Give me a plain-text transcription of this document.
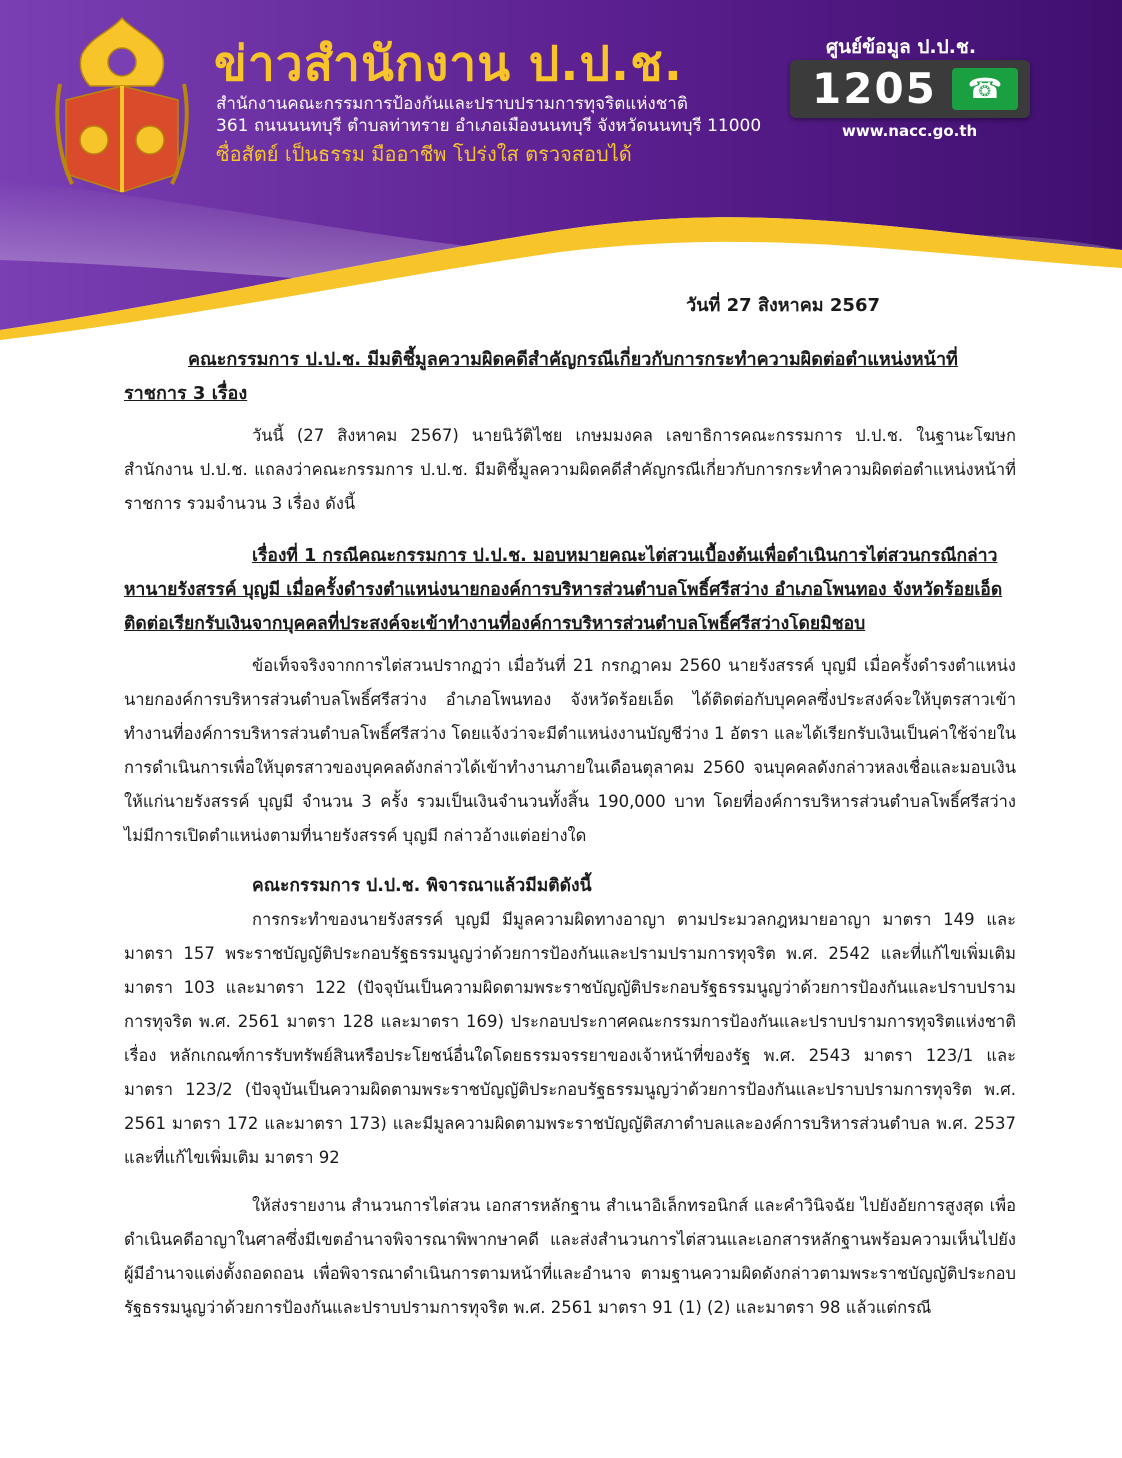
ข่าวสำนักงาน ป.ป.ช.
สำนักงานคณะกรรมการป้องกันและปราบปรามการทุจริตแห่งชาติ
361 ถนนนนทบุรี ตำบลท่าทราย อำเภอเมืองนนทบุรี จังหวัดนนทบุรี 11000
ซื่อสัตย์ เป็นธรรม มืออาชีพ โปร่งใส ตรวจสอบได้
ศูนย์ข้อมูล ป.ป.ช.
1205	☎
www.nacc.go.th
วันที่ 27 สิงหาคม 2567
คณะกรรมการ ป.ป.ช. มีมติชี้มูลความผิดคดีสำคัญกรณีเกี่ยวกับการกระทำความผิดต่อตำแหน่งหน้าที่ราชการ 3 เรื่อง

วันนี้ (27 สิงหาคม 2567) นายนิวัติไชย เกษมมงคล เลขาธิการคณะกรรมการ ป.ป.ช. ในฐานะโฆษกสำนักงาน ป.ป.ช. แถลงว่าคณะกรรมการ ป.ป.ช. มีมติชี้มูลความผิดคดีสำคัญกรณีเกี่ยวกับการกระทำความผิดต่อตำแหน่งหน้าที่ราชการ รวมจำนวน 3 เรื่อง ดังนี้

เรื่องที่ 1 กรณีคณะกรรมการ ป.ป.ช. มอบหมายคณะไต่สวนเบื้องต้นเพื่อดำเนินการไต่สวนกรณีกล่าวหานายรังสรรค์ บุญมี เมื่อครั้งดำรงตำแหน่งนายกองค์การบริหารส่วนตำบลโพธิ์ศรีสว่าง อำเภอโพนทอง จังหวัดร้อยเอ็ด ติดต่อเรียกรับเงินจากบุคคลที่ประสงค์จะเข้าทำงานที่องค์การบริหารส่วนตำบลโพธิ์ศรีสว่างโดยมิชอบ

ข้อเท็จจริงจากการไต่สวนปรากฏว่า เมื่อวันที่ 21 กรกฎาคม 2560 นายรังสรรค์ บุญมี เมื่อครั้งดำรงตำแหน่งนายกองค์การบริหารส่วนตำบลโพธิ์ศรีสว่าง อำเภอโพนทอง จังหวัดร้อยเอ็ด ได้ติดต่อกับบุคคลซึ่งประสงค์จะให้บุตรสาวเข้าทำงานที่องค์การบริหารส่วนตำบลโพธิ์ศรีสว่าง โดยแจ้งว่าจะมีตำแหน่งงานบัญชีว่าง 1 อัตรา และได้เรียกรับเงินเป็นค่าใช้จ่ายในการดำเนินการเพื่อให้บุตรสาวของบุคคลดังกล่าวได้เข้าทำงานภายในเดือนตุลาคม 2560 จนบุคคลดังกล่าวหลงเชื่อและมอบเงินให้แก่นายรังสรรค์ บุญมี จำนวน 3 ครั้ง รวมเป็นเงินจำนวนทั้งสิ้น 190,000 บาท โดยที่องค์การบริหารส่วนตำบลโพธิ์ศรีสว่างไม่มีการเปิดตำแหน่งตามที่นายรังสรรค์ บุญมี กล่าวอ้างแต่อย่างใด

คณะกรรมการ ป.ป.ช. พิจารณาแล้วมีมติดังนี้

การกระทำของนายรังสรรค์ บุญมี มีมูลความผิดทางอาญา ตามประมวลกฎหมายอาญา มาตรา 149 และมาตรา 157 พระราชบัญญัติประกอบรัฐธรรมนูญว่าด้วยการป้องกันและปรามปรามการทุจริต พ.ศ. 2542 และที่แก้ไขเพิ่มเติม มาตรา 103 และมาตรา 122 (ปัจจุบันเป็นความผิดตามพระราชบัญญัติประกอบรัฐธรรมนูญว่าด้วยการป้องกันและปราบปรามการทุจริต พ.ศ. 2561 มาตรา 128 และมาตรา 169) ประกอบประกาศคณะกรรมการป้องกันและปราบปรามการทุจริตแห่งชาติ เรื่อง หลักเกณฑ์การรับทรัพย์สินหรือประโยชน์อื่นใดโดยธรรมจรรยาของเจ้าหน้าที่ของรัฐ พ.ศ. 2543 มาตรา 123/1 และมาตรา 123/2 (ปัจจุบันเป็นความผิดตามพระราชบัญญัติประกอบรัฐธรรมนูญว่าด้วยการป้องกันและปราบปรามการทุจริต พ.ศ. 2561 มาตรา 172 และมาตรา 173) และมีมูลความผิดตามพระราชบัญญัติสภาตำบลและองค์การบริหารส่วนตำบล พ.ศ. 2537 และที่แก้ไขเพิ่มเติม มาตรา 92

ให้ส่งรายงาน สำนวนการไต่สวน เอกสารหลักฐาน สำเนาอิเล็กทรอนิกส์ และคำวินิจฉัย ไปยังอัยการสูงสุด เพื่อดำเนินคดีอาญาในศาลซึ่งมีเขตอำนาจพิจารณาพิพากษาคดี และส่งสำนวนการไต่สวนและเอกสารหลักฐานพร้อมความเห็นไปยังผู้มีอำนาจแต่งตั้งถอดถอน เพื่อพิจารณาดำเนินการตามหน้าที่และอำนาจ ตามฐานความผิดดังกล่าวตามพระราชบัญญัติประกอบรัฐธรรมนูญว่าด้วยการป้องกันและปราบปรามการทุจริต พ.ศ. 2561 มาตรา 91 (1) (2) และมาตรา 98 แล้วแต่กรณี
